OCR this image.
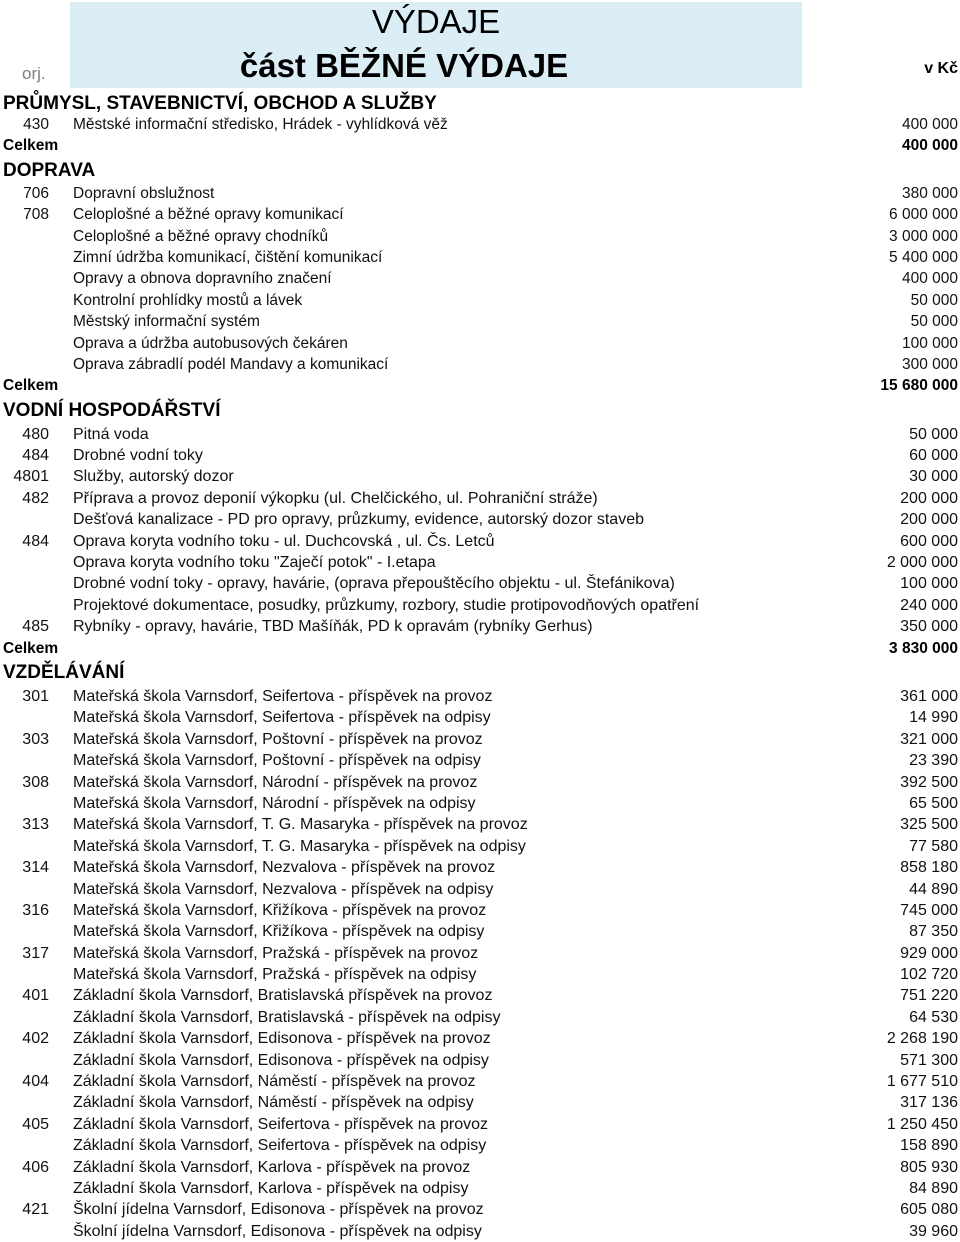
VÝDAJE
část BĚŽNÉ VÝDAJE
orj.	v Kč
PRŮMYSL, STAVEBNICTVÍ, OBCHOD A SLUŽBY
430 Městské informační středisko, Hrádek - vyhlídková věž	400 000
Celkem	400 000
DOPRAVA
706 Dopravní obslužnost	380 000
708 Celoplošné a běžné opravy komunikací	6 000 000
Celoplošné a běžné opravy chodníků	3 000 000
Zimní údržba komunikací, čištění komunikací	5 400 000
Opravy a obnova dopravního značení	400 000
Kontrolní prohlídky mostů a lávek	50 000
Městský informační systém	50 000
Oprava a údržba autobusových čekáren	100 000
Oprava zábradlí podél Mandavy a komunikací	300 000
Celkem	15 680 000
VODNÍ HOSPODÁŘSTVÍ
480 Pitná voda	50 000
484 Drobné vodní toky	60 000
4801 Služby, autorský dozor	30 000
482 Příprava a provoz deponií výkopku (ul. Chelčického, ul. Pohraniční stráže)	200 000
Dešťová kanalizace - PD pro opravy, průzkumy, evidence, autorský dozor staveb	200 000
484 Oprava koryta vodního toku - ul. Duchcovská , ul. Čs. Letců	600 000
Oprava koryta vodního toku "Zaječí potok" - I.etapa	2 000 000
Drobné vodní toky - opravy, havárie, (oprava přepouštěcího objektu - ul. Štefánikova)	100 000
Projektové dokumentace, posudky, průzkumy, rozbory, studie protipovodňových opatření	240 000
485 Rybníky - opravy, havárie, TBD Mašíňák, PD k opravám (rybníky Gerhus)	350 000
Celkem	3 830 000
VZDĚLÁVÁNÍ
301 Mateřská škola Varnsdorf, Seifertova - příspěvek na provoz	361 000
Mateřská škola Varnsdorf, Seifertova - příspěvek na odpisy	14 990
303 Mateřská škola Varnsdorf, Poštovní - příspěvek na provoz	321 000
Mateřská škola Varnsdorf, Poštovní - příspěvek na odpisy	23 390
308 Mateřská škola Varnsdorf, Národní - příspěvek na provoz	392 500
Mateřská škola Varnsdorf, Národní - příspěvek na odpisy	65 500
313 Mateřská škola Varnsdorf, T. G. Masaryka - příspěvek na provoz	325 500
Mateřská škola Varnsdorf, T. G. Masaryka - příspěvek na odpisy	77 580
314 Mateřská škola Varnsdorf, Nezvalova - příspěvek na provoz	858 180
Mateřská škola Varnsdorf, Nezvalova - příspěvek na odpisy	44 890
316 Mateřská škola Varnsdorf, Křižíkova - příspěvek na provoz	745 000
Mateřská škola Varnsdorf, Křižíkova - příspěvek na odpisy	87 350
317 Mateřská škola Varnsdorf, Pražská - příspěvek na provoz	929 000
Mateřská škola Varnsdorf, Pražská - příspěvek na odpisy	102 720
401 Základní škola Varnsdorf, Bratislavská příspěvek na provoz	751 220
Základní škola Varnsdorf, Bratislavská - příspěvek na odpisy	64 530
402 Základní škola Varnsdorf, Edisonova - příspěvek na provoz	2 268 190
Základní škola Varnsdorf, Edisonova - příspěvek na odpisy	571 300
404 Základní škola Varnsdorf, Náměstí - příspěvek na provoz	1 677 510
Základní škola Varnsdorf, Náměstí - příspěvek na odpisy	317 136
405 Základní škola Varnsdorf, Seifertova - příspěvek na provoz	1 250 450
Základní škola Varnsdorf, Seifertova - příspěvek na odpisy	158 890
406 Základní škola Varnsdorf, Karlova - příspěvek na provoz	805 930
Základní škola Varnsdorf, Karlova - příspěvek na odpisy	84 890
421 Školní jídelna Varnsdorf, Edisonova - příspěvek na provoz	605 080
Školní jídelna Varnsdorf, Edisonova - příspěvek na odpisy	39 960
